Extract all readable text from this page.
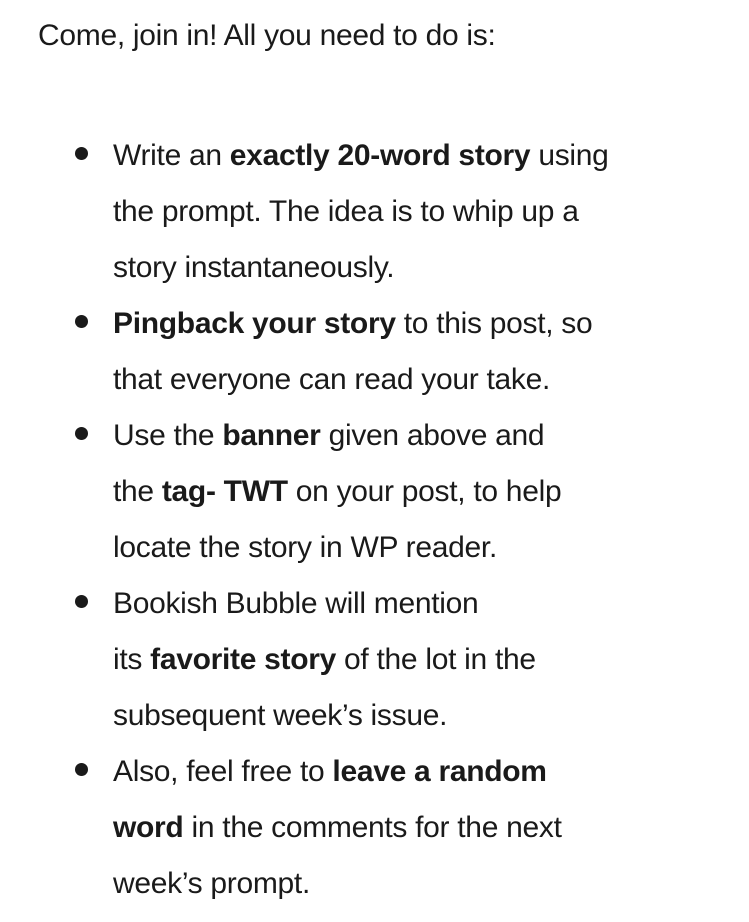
Come, join in! All you need to do is:

Write an exactly 20-word story using
the prompt. The idea is to whip up a
story instantaneously.
Pingback your story to this post, so
that everyone can read your take.
Use the banner given above and
the tag- TWT on your post, to help
locate the story in WP reader.
Bookish Bubble will mention
its favorite story of the lot in the
subsequent week’s issue.
Also, feel free to leave a random
word in the comments for the next
week’s prompt.
